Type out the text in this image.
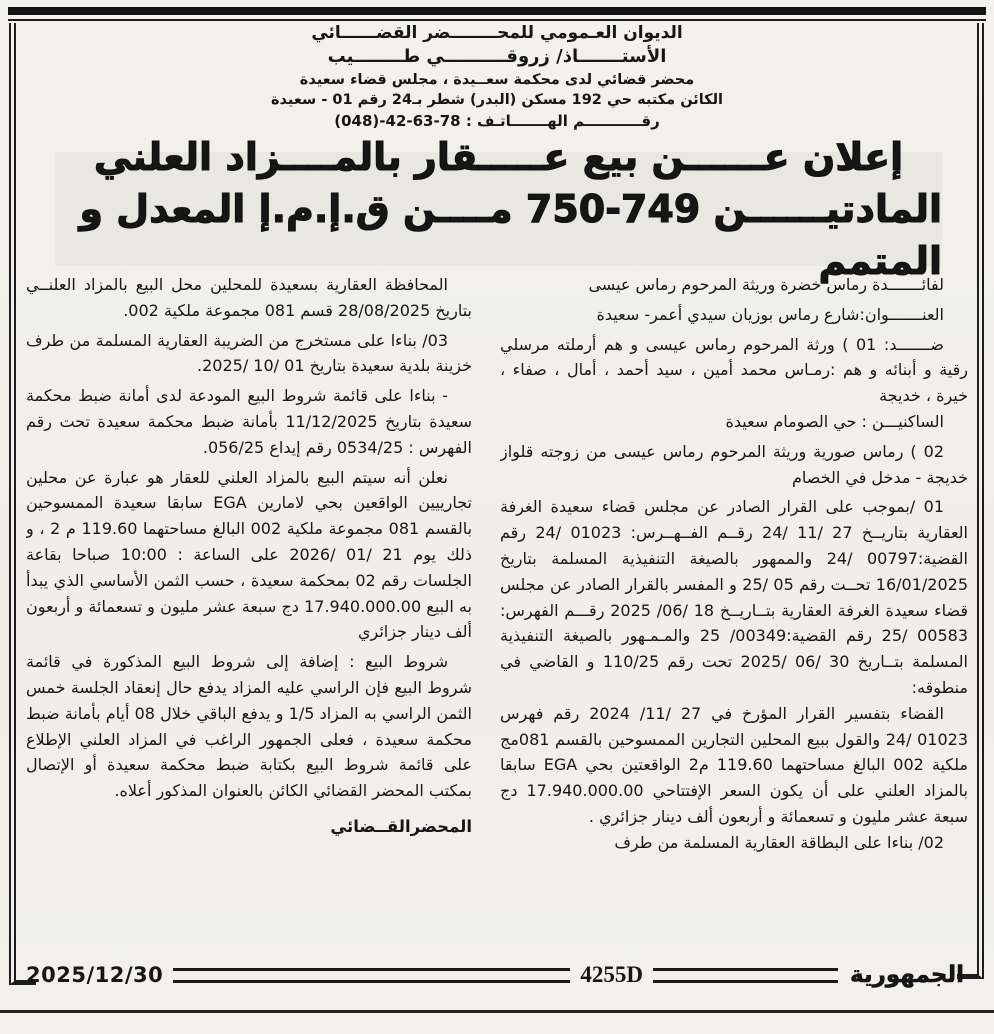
الديوان العـمومي للمحــــــــضر القضــــــائي
الأستـــــــاذ/ زروقــــــــــي طــــــــيب
محضر قضائي لدى محكمة سعــيدة ، مجلس قضاء سعيدة
الكائن مكتبه حي 192 مسكن (البدر) شطر بـ24 رقم 01 - سعيدة
رقـــــــــــم الهـــــــاتـف : (048)-42-63-78
إعلان عــــــن بيع عـــــقار بالمــــزاد العلني
المادتيــــــن 749‏-‏750 مــــن ق.إ.م.إ المعدل و المتمم

لفائـــــــدة رماس خضرة وريثة المرحوم رماس عيسى

العنـــــــوان:شارع رماس بوزيان سيدي أعمر- سعيدة

ضـــــــد: 01 ) ورثة المرحوم رماس عيسى و هم أرملته مرسلي رقية و أبنائه و هم :رمـاس محمد أمين ، سيد أحمد ، أمال ، صفاء ، خيرة ، خديجة

الساكنيـــن : حي الصومام سعيدة

02 ) رماس صورية وريثة المرحوم رماس عيسى من زوجته قلواز خديجة - مدخل في الخصام

01 /بموجب على القرار الصادر عن مجلس قضاء سعيدة الغرفة العقارية بتاريــخ 27 /11 /24 رقــم الفــهــرس: 01023 /24 رقم القضية:00797 /24 والممهور بالصيغة التنفيذية المسلمة بتاريخ 16/01/2025 تحــت رقم 05 /25 و المفسر بالقرار الصادر عن مجلس قضاء سعيدة الغرفة العقارية بتــاريــخ 18 /06/ 2025 رقـــم الفهرس: 00583 /25 رقم القضية:00349/ 25 والمـمـهور بالصيغة التنفيذية المسلمة بتــاريخ 30 /06 /2025 تحت رقم 110/25 و القاضي في منطوقه:

القضاء بتفسير القرار المؤرخ في 27 /11/ 2024 رقم فهرس 01023 /24 والقول ببيع المحلين التجارين الممسوحين بالقسم 081مج ملكية 002 البالغ مساحتهما 119.60 م2 الواقعتين بحي EGA سابقا بالمزاد العلني على أن يكون السعر الإفتتاحي 17.940.000.00 دج سبعة عشر مليون و تسعمائة و أربعون ألف دينار جزائري .

02/ بناءا على البطاقة العقارية المسلمة من طرف

المحافظة العقارية بسعيدة للمحلين محل البيع بالمزاد العلنــي بتاريخ 28/08/2025 قسم 081 مجموعة ملكية 002.

03/ بناءا على مستخرج من الضريبة العقارية المسلمة من طرف خزينة بلدية سعيدة بتاريخ 01 /10 /2025.

- بناءا على قائمة شروط البيع المودعة لدى أمانة ضبط محكمة سعيدة بتاريخ 11/12/2025 بأمانة ضبط محكمة سعيدة تحت رقم الفهرس : 0534/25 رقم إيداع 056/25.

نعلن أنه سيتم البيع بالمزاد العلني للعقار هو عبارة عن محلين تجارييين الواقعين بحي لامارين EGA سابقا سعيدة الممسوحين بالقسم 081 مجموعة ملكية 002 البالغ مساحتهما 119.60 م 2 ، و ذلك يوم 21 /01 /2026 على الساعة : 10:00 صباحا بقاعة الجلسات رقم 02 بمحكمة سعيدة ، حسب الثمن الأساسي الذي يبدأ به البيع 17.940.000.00 دج سبعة عشر مليون و تسعمائة و أربعون ألف دينار جزائري

شروط البيع : إضافة إلى شروط البيع المذكورة في قائمة شروط البيع فإن الراسي عليه المزاد يدفع حال إنعقاد الجلسة خمس الثمن الراسي به المزاد 1/5 و يدفع الباقي خلال 08 أيام بأمانة ضبط محكمة سعيدة ، فعلى الجمهور الراغب في المزاد العلني الإطلاع على قائمة شروط البيع بكتابة ضبط محكمة سعيدة أو الإتصال بمكتب المحضر القضائي الكائن بالعنوان المذكور أعلاه.

المحضرالقــضائي

الجمهورية
4255D
2025/12/30
